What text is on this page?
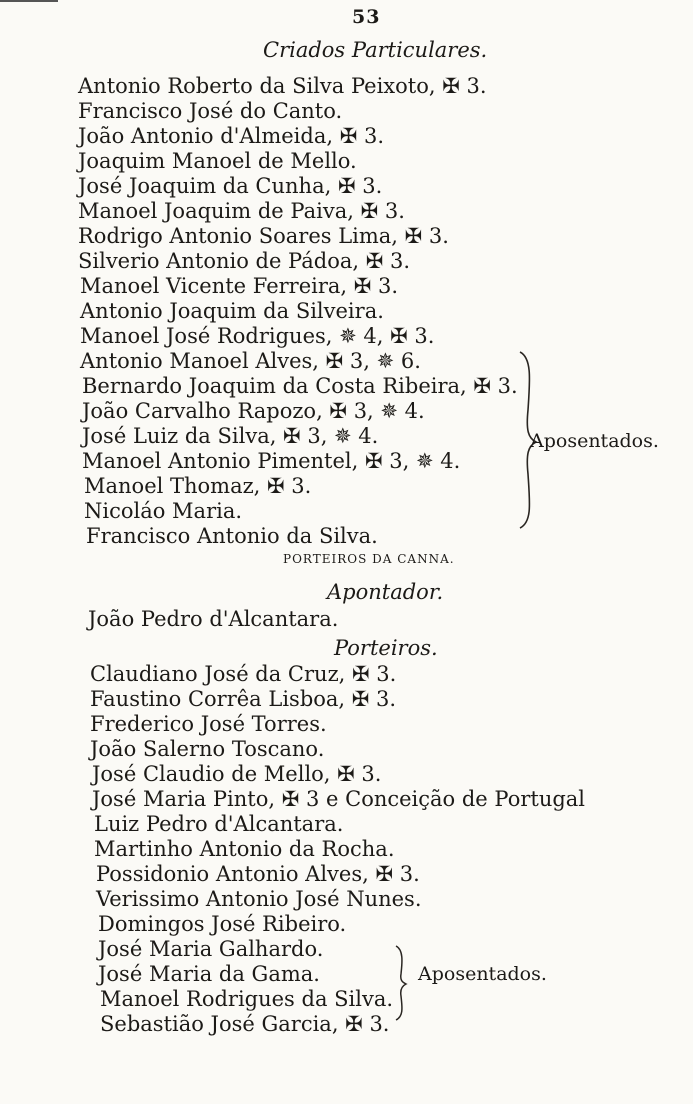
53
Criados Particulares.
Antonio Roberto da Silva Peixoto, ✠ 3.
Francisco José do Canto.
João Antonio d'Almeida, ✠ 3.
Joaquim Manoel de Mello.
José Joaquim da Cunha, ✠ 3.
Manoel Joaquim de Paiva, ✠ 3.
Rodrigo Antonio Soares Lima, ✠ 3.
Silverio Antonio de Pádoa, ✠ 3.
Manoel Vicente Ferreira, ✠ 3.
Antonio Joaquim da Silveira.
Manoel José Rodrigues, ✵ 4, ✠ 3.
Antonio Manoel Alves, ✠ 3, ✵ 6.
Bernardo Joaquim da Costa Ribeira, ✠ 3.
João Carvalho Rapozo, ✠ 3, ✵ 4.
José Luiz da Silva, ✠ 3, ✵ 4.
Manoel Antonio Pimentel, ✠ 3, ✵ 4.
Manoel Thomaz, ✠ 3.
Nicoláo Maria.
Francisco Antonio da Silva.
Aposentados.
PORTEIROS DA CANNA.
Apontador.
João Pedro d'Alcantara.
Porteiros.
Claudiano José da Cruz, ✠ 3.
Faustino Corrêa Lisboa, ✠ 3.
Frederico José Torres.
João Salerno Toscano.
José Claudio de Mello, ✠ 3.
José Maria Pinto, ✠ 3 e Conceição de Portugal
Luiz Pedro d'Alcantara.
Martinho Antonio da Rocha.
Possidonio Antonio Alves, ✠ 3.
Verissimo Antonio José Nunes.
Domingos José Ribeiro.
José Maria Galhardo.
José Maria da Gama.
Manoel Rodrigues da Silva.
Sebastião José Garcia, ✠ 3.
Aposentados.
